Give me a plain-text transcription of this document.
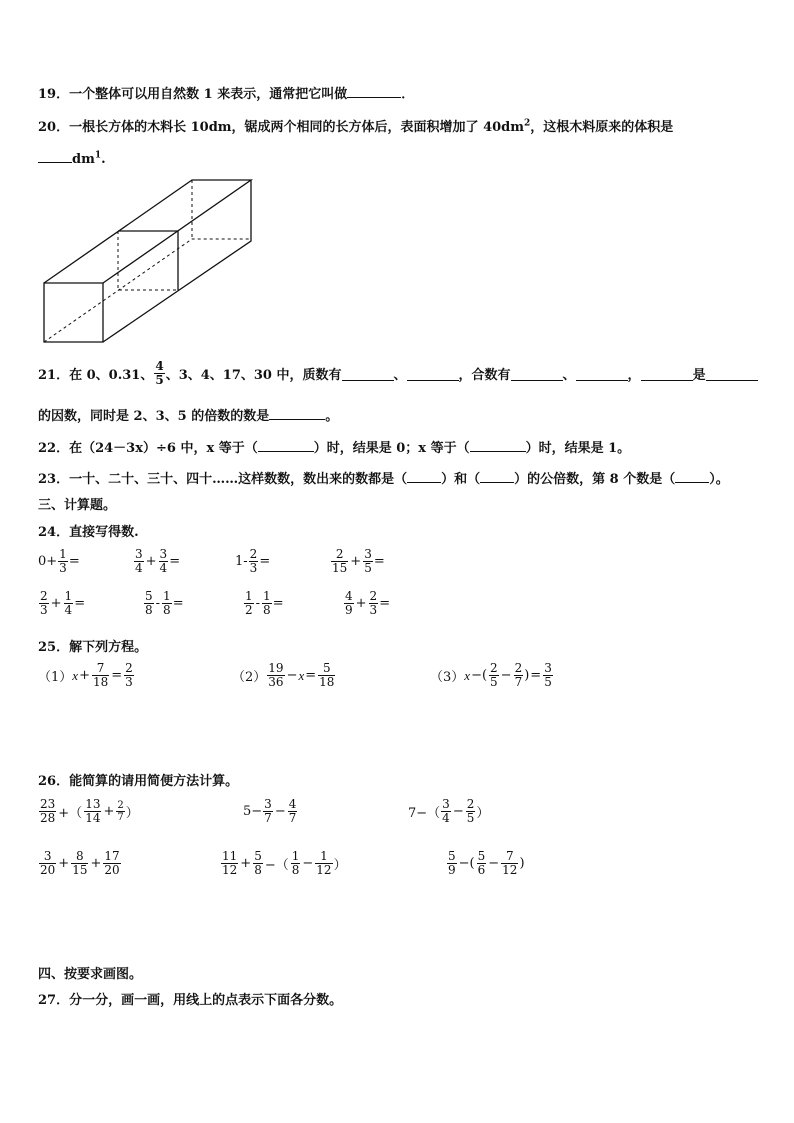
19．一个整体可以用自然数 1 来表示，通常把它叫做	．
20．一根长方体的木料长 10dm，锯成两个相同的长方体后，表面积增加了 $40dm^2$，这根木料原来的体积是
$dm^1$.
21．在 0、0.31、 $\frac{4}{5}$ 、3、4、17、30 中，质数有	、	，合数有	、	，	是
的因数，同时是 2、3、5 的倍数的数是	。
22．在（24－3x）÷6 中，x 等于（	）时，结果是 0；x 等于（	）时，结果是 1。
23．一十、二十、三十、四十……这样数数，数出来的数都是（	）和（	）的公倍数，第 8 个数是（	）。
三、计算题。
24．直接写得数.
$0+ \frac{1}{3}$ =	$\frac{3}{4} + \frac{3}{4}$ =	$1- \frac{2}{3}$ =	$\frac{2}{15} + \frac{3}{5}$ =
$\frac{2}{3} + \frac{1}{4}$ =	$\frac{5}{8} - \frac{1}{8}$ =	$\frac{1}{2} - \frac{1}{8}$ =	$\frac{4}{9} + \frac{2}{3}$ =
25．解下列方程。
（1） $x + \frac{7}{18} = \frac{2}{3}$	$(2) \frac{19}{36} - x = \frac{5}{18}$	（3） x −( $\frac{2}{5} - \frac{2}{7}$ ) = $\frac{3}{5}$
26．能简算的请用简便方法计算。
$\frac{23}{28}$ +（ $\frac{13}{14} + \frac{2}{7}$ ）	$5- \frac{3}{7} - \frac{4}{7}$	$7-( \frac{3}{4} - \frac{2}{5}$ ）
$\frac{3}{20} + \frac{8}{15} + \frac{17}{20}$	$\frac{11}{12} + \frac{5}{8}$ −（ $\frac{1}{8} - \frac{1}{12}$ ）	$\frac{5}{9}$ −( $\frac{5}{6} - \frac{7}{12}$ )
四、按要求画图。
27．分一分，画一画，用线上的点表示下面各分数。
